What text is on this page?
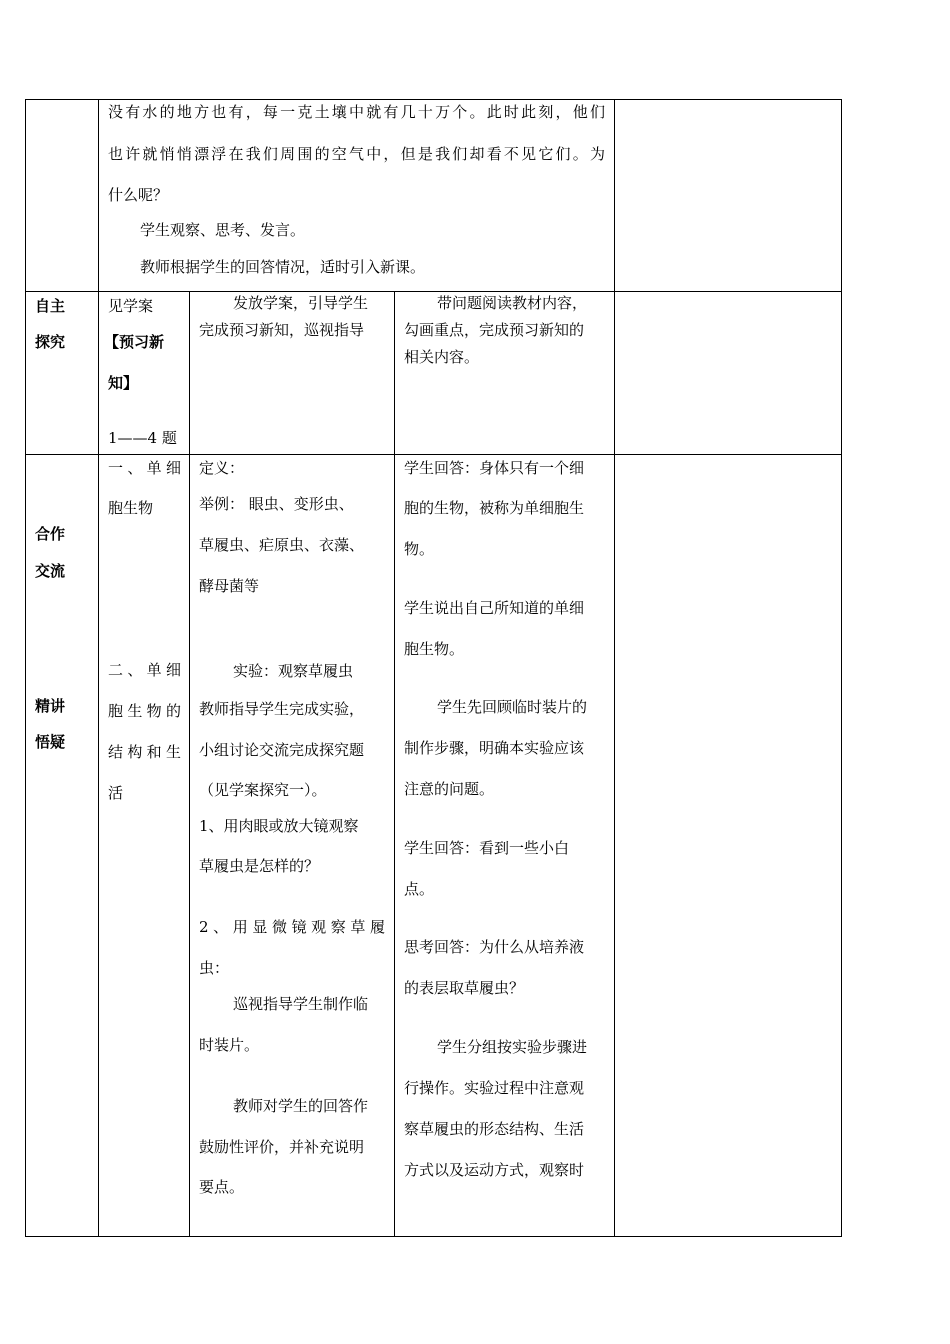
没有水的地方也有，每一克土壤中就有几十万个。此时此刻，他们
也许就悄悄漂浮在我们周围的空气中，但是我们却看不见它们。为
什么呢？
学生观察、思考、发言。
教师根据学生的回答情况，适时引入新课。
自主
探究
见学案
【预习新
知】
1——4 题
发放学案，引导学生
完成预习新知，巡视指导
带问题阅读教材内容，
勾画重点，完成预习新知的
相关内容。
合作
交流
精讲
悟疑
一、单细
胞生物
二、单细
胞生物的
结构和生
活
定义：
举例： 眼虫、变形虫、
草履虫、疟原虫、衣藻、
酵母菌等
实验：观察草履虫
教师指导学生完成实验，
小组讨论交流完成探究题
（见学案探究一）。
1、用肉眼或放大镜观察
草履虫是怎样的？
2、用显微镜观察草履
虫：
巡视指导学生制作临
时装片。
教师对学生的回答作
鼓励性评价，并补充说明
要点。
学生回答：身体只有一个细
胞的生物，被称为单细胞生
物。
学生说出自己所知道的单细
胞生物。
学生先回顾临时装片的
制作步骤，明确本实验应该
注意的问题。
学生回答：看到一些小白
点。
思考回答：为什么从培养液
的表层取草履虫？
学生分组按实验步骤进
行操作。实验过程中注意观
察草履虫的形态结构、生活
方式以及运动方式，观察时
